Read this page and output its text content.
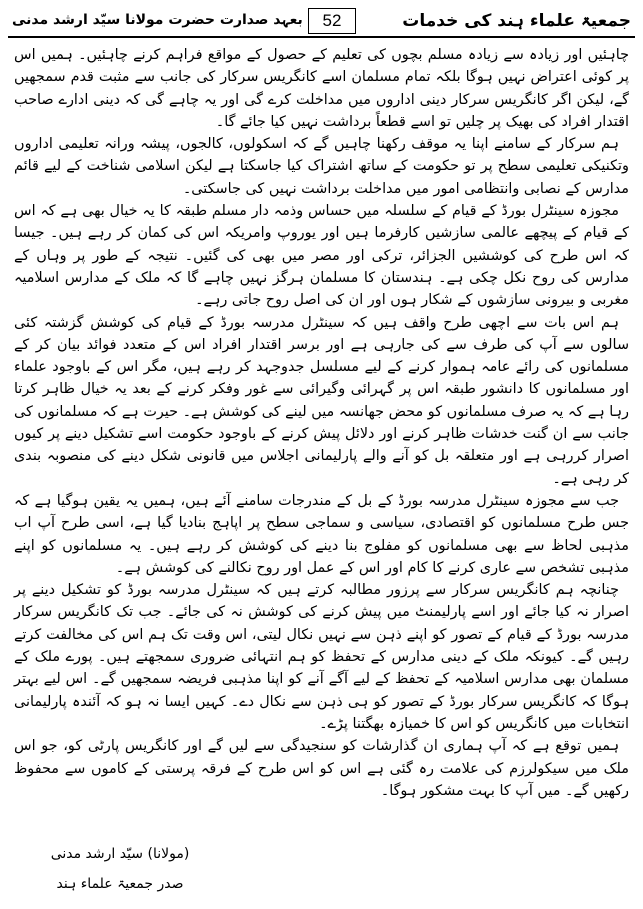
جمعیۃ علماء ہند کی خدمات
52
بعہد صدارت حضرت مولانا سیّد ارشد مدنی

چاہئیں اور زیادہ سے زیادہ مسلم بچوں کی تعلیم کے حصول کے مواقع فراہم کرنے چاہئیں۔ ہمیں اس پر کوئی اعتراض نہیں ہوگا بلکہ تمام مسلمان اسے کانگریس سرکار کی جانب سے مثبت قدم سمجھیں گے، لیکن اگر کانگریس سرکار دینی اداروں میں مداخلت کرے گی اور یہ چاہے گی کہ دینی ادارے صاحب اقتدار افراد کی بھیک پر چلیں تو اسے قطعاً برداشت نہیں کیا جائے گا۔

ہم سرکار کے سامنے اپنا یہ موقف رکھنا چاہیں گے کہ اسکولوں، کالجوں، پیشہ ورانہ تعلیمی اداروں وتکنیکی تعلیمی سطح پر تو حکومت کے ساتھ اشتراک کیا جاسکتا ہے لیکن اسلامی شناخت کے لیے قائم مدارس کے نصابی وانتظامی امور میں مداخلت برداشت نہیں کی جاسکتی۔

مجوزہ سینٹرل بورڈ کے قیام کے سلسلہ میں حساس وذمہ دار مسلم طبقہ کا یہ خیال بھی ہے کہ اس کے قیام کے پیچھے عالمی سازشیں کارفرما ہیں اور یوروپ وامریکہ اس کی کمان کر رہے ہیں۔ جیسا کہ اس طرح کی کوششیں الجزائر، ترکی اور مصر میں بھی کی گئیں۔ نتیجہ کے طور پر وہاں کے مدارس کی روح نکل چکی ہے۔ ہندستان کا مسلمان ہرگز نہیں چاہے گا کہ ملک کے مدارس اسلامیہ مغربی و بیرونی سازشوں کے شکار ہوں اور ان کی اصل روح جاتی رہے۔

ہم اس بات سے اچھی طرح واقف ہیں کہ سینٹرل مدرسہ بورڈ کے قیام کی کوشش گزشتہ کئی سالوں سے آپ کی طرف سے کی جارہی ہے اور برسر اقتدار افراد اس کے متعدد فوائد بیان کر کے مسلمانوں کی رائے عامہ ہموار کرنے کے لیے مسلسل جدوجہد کر رہے ہیں، مگر اس کے باوجود علماء اور مسلمانوں کا دانشور طبقہ اس پر گہرائی وگیرائی سے غور وفکر کرنے کے بعد یہ خیال ظاہر کرتا رہا ہے کہ یہ صرف مسلمانوں کو محض جھانسہ میں لینے کی کوشش ہے۔ حیرت ہے کہ مسلمانوں کی جانب سے ان گنت خدشات ظاہر کرنے اور دلائل پیش کرنے کے باوجود حکومت اسے تشکیل دینے پر کیوں اصرار کررہی ہے اور متعلقہ بل کو آنے والے پارلیمانی اجلاس میں قانونی شکل دینے کی منصوبہ بندی کر رہی ہے۔

جب سے مجوزہ سینٹرل مدرسہ بورڈ کے بل کے مندرجات سامنے آئے ہیں، ہمیں یہ یقین ہوگیا ہے کہ جس طرح مسلمانوں کو اقتصادی، سیاسی و سماجی سطح پر اپاہج بنادیا گیا ہے، اسی طرح آپ اب مذہبی لحاظ سے بھی مسلمانوں کو مفلوج بنا دینے کی کوشش کر رہے ہیں۔ یہ مسلمانوں کو اپنے مذہبی تشخص سے عاری کرنے کا کام اور اس کے عمل اور روح نکالنے کی کوشش ہے۔

چنانچہ ہم کانگریس سرکار سے پرزور مطالبہ کرتے ہیں کہ سینٹرل مدرسہ بورڈ کو تشکیل دینے پر اصرار نہ کیا جائے اور اسے پارلیمنٹ میں پیش کرنے کی کوشش نہ کی جائے۔ جب تک کانگریس سرکار مدرسہ بورڈ کے قیام کے تصور کو اپنے ذہن سے نہیں نکال لیتی، اس وقت تک ہم اس کی مخالفت کرتے رہیں گے۔ کیونکہ ملک کے دینی مدارس کے تحفظ کو ہم انتہائی ضروری سمجھتے ہیں۔ پورے ملک کے مسلمان بھی مدارس اسلامیہ کے تحفظ کے لیے آگے آنے کو اپنا مذہبی فریضہ سمجھیں گے۔ اس لیے بہتر ہوگا کہ کانگریس سرکار بورڈ کے تصور کو ہی ذہن سے نکال دے۔ کہیں ایسا نہ ہو کہ آئندہ پارلیمانی انتخابات میں کانگریس کو اس کا خمیازہ بھگتنا پڑے۔

ہمیں توقع ہے کہ آپ ہماری ان گذارشات کو سنجیدگی سے لیں گے اور کانگریس پارٹی کو، جو اس ملک میں سیکولرزم کی علامت رہ گئی ہے اس کو اس طرح کے فرقہ پرستی کے کاموں سے محفوظ رکھیں گے۔ میں آپ کا بہت مشکور ہوگا۔

(مولانا) سیّد ارشد مدنی
صدر جمعیۃ علماء ہند
